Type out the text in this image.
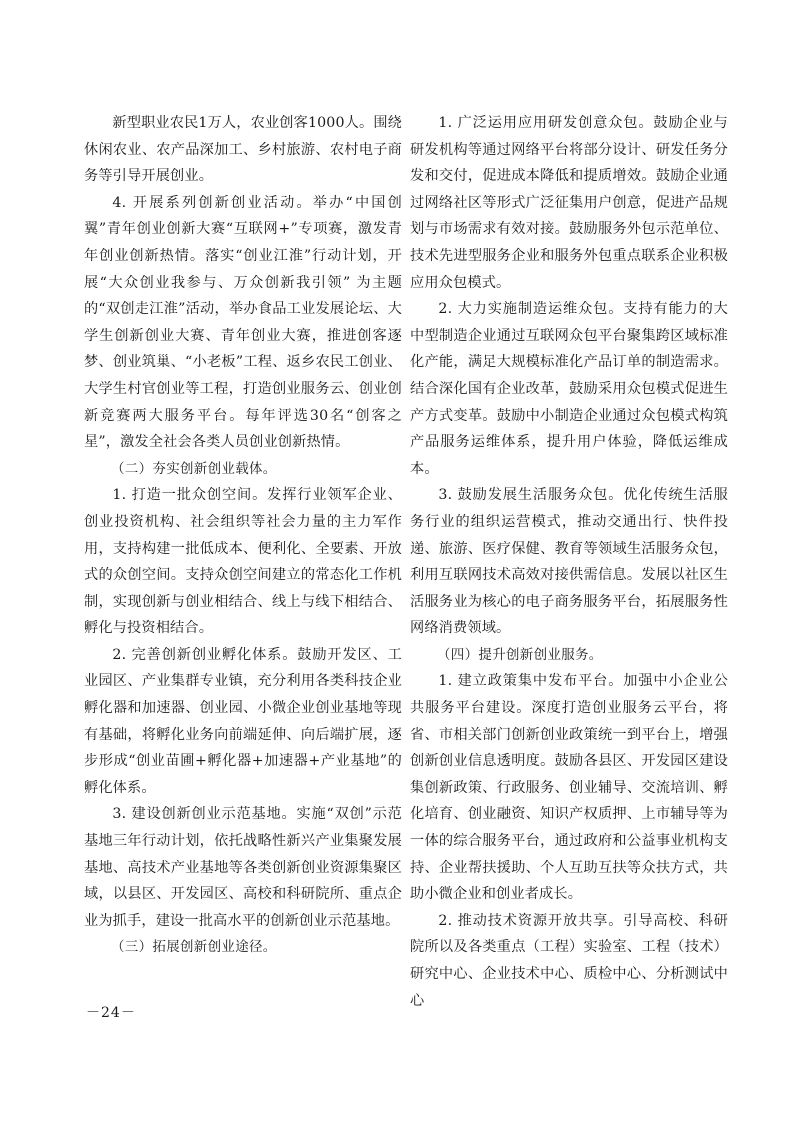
新型职业农民1万人，农业创客1000人。围绕休闲农业、农产品深加工、乡村旅游、农村电子商务等引导开展创业。

4. 开展系列创新创业活动。举办“中国创翼”青年创业创新大赛“互联网+”专项赛，激发青年创业创新热情。落实“创业江淮”行动计划，开展“大众创业我参与、万众创新我引领” 为主题的“双创走江淮”活动，举办食品工业发展论坛、大学生创新创业大赛、青年创业大赛，推进创客逐梦、创业筑巢、“小老板”工程、返乡农民工创业、大学生村官创业等工程，打造创业服务云、创业创新竞赛两大服务平台。每年评选30名“创客之星”，激发全社会各类人员创业创新热情。

（二）夯实创新创业载体。

1. 打造一批众创空间。发挥行业领军企业、创业投资机构、社会组织等社会力量的主力军作用，支持构建一批低成本、便利化、全要素、开放式的众创空间。支持众创空间建立的常态化工作机制，实现创新与创业相结合、线上与线下相结合、孵化与投资相结合。

2. 完善创新创业孵化体系。鼓励开发区、工业园区、产业集群专业镇，充分利用各类科技企业孵化器和加速器、创业园、小微企业创业基地等现有基础，将孵化业务向前端延伸、向后端扩展，逐步形成“创业苗圃+孵化器+加速器+产业基地”的孵化体系。

3. 建设创新创业示范基地。实施“双创”示范基地三年行动计划，依托战略性新兴产业集聚发展基地、高技术产业基地等各类创新创业资源集聚区域，以县区、开发园区、高校和科研院所、重点企业为抓手，建设一批高水平的创新创业示范基地。

（三）拓展创新创业途径。

1. 广泛运用应用研发创意众包。鼓励企业与研发机构等通过网络平台将部分设计、研发任务分发和交付，促进成本降低和提质增效。鼓励企业通过网络社区等形式广泛征集用户创意，促进产品规划与市场需求有效对接。鼓励服务外包示范单位、技术先进型服务企业和服务外包重点联系企业积极应用众包模式。

2. 大力实施制造运维众包。支持有能力的大中型制造企业通过互联网众包平台聚集跨区域标准化产能，满足大规模标准化产品订单的制造需求。结合深化国有企业改革，鼓励采用众包模式促进生产方式变革。鼓励中小制造企业通过众包模式构筑产品服务运维体系，提升用户体验，降低运维成本。

3. 鼓励发展生活服务众包。优化传统生活服务行业的组织运营模式，推动交通出行、快件投递、旅游、医疗保健、教育等领域生活服务众包，利用互联网技术高效对接供需信息。发展以社区生活服务业为核心的电子商务服务平台，拓展服务性网络消费领域。

（四）提升创新创业服务。

1. 建立政策集中发布平台。加强中小企业公共服务平台建设。深度打造创业服务云平台，将省、市相关部门创新创业政策统一到平台上，增强创新创业信息透明度。鼓励各县区、开发园区建设集创新政策、行政服务、创业辅导、交流培训、孵化培育、创业融资、知识产权质押、上市辅导等为一体的综合服务平台，通过政府和公益事业机构支持、企业帮扶援助、个人互助互扶等众扶方式，共助小微企业和创业者成长。

2. 推动技术资源开放共享。引导高校、科研院所以及各类重点（工程）实验室、工程（技术）研究中心、企业技术中心、质检中心、分析测试中心

－24－
